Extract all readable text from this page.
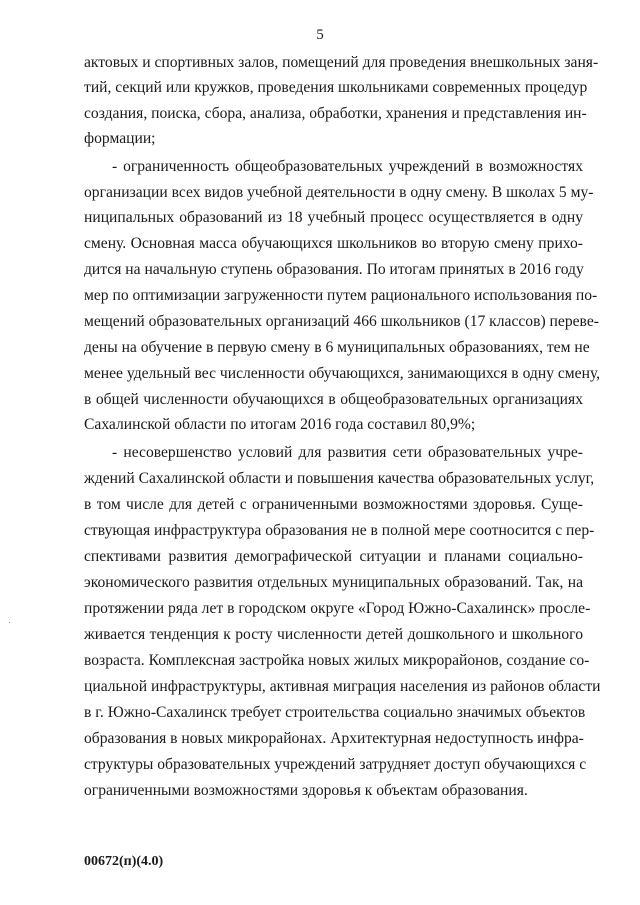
5
актовых и спортивных залов, помещений для проведения внешкольных заня-
тий, секций или кружков, проведения школьниками современных процедур
создания, поиска, сбора, анализа, обработки, хранения и представления ин-
формации;
- ограниченность общеобразовательных учреждений в возможностях
организации всех видов учебной деятельности в одну смену. В школах 5 му-
ниципальных образований из 18 учебный процесс осуществляется в одну
смену. Основная масса обучающихся школьников во вторую смену прихо-
дится на начальную ступень образования. По итогам принятых в 2016 году
мер по оптимизации загруженности путем рационального использования по-
мещений образовательных организаций 466 школьников (17 классов) переве-
дены на обучение в первую смену в 6 муниципальных образованиях, тем не
менее удельный вес численности обучающихся, занимающихся в одну смену,
в общей численности обучающихся в общеобразовательных организациях
Сахалинской области по итогам 2016 года составил 80,9%;
- несовершенство условий для развития сети образовательных учре-
ждений Сахалинской области и повышения качества образовательных услуг,
в том числе для детей с ограниченными возможностями здоровья. Суще-
ствующая инфраструктура образования не в полной мере соотносится с пер-
спективами развития демографической ситуации и планами социально-
экономического развития отдельных муниципальных образований. Так, на
протяжении ряда лет в городском округе «Город Южно-Сахалинск» просле-
живается тенденция к росту численности детей дошкольного и школьного
возраста. Комплексная застройка новых жилых микрорайонов, создание со-
циальной инфраструктуры, активная миграция населения из районов области
в г. Южно-Сахалинск требует строительства социально значимых объектов
образования в новых микрорайонах. Архитектурная недоступность инфра-
структуры образовательных учреждений затрудняет доступ обучающихся с
ограниченными возможностями здоровья к объектам образования.
00672(п)(4.0)
